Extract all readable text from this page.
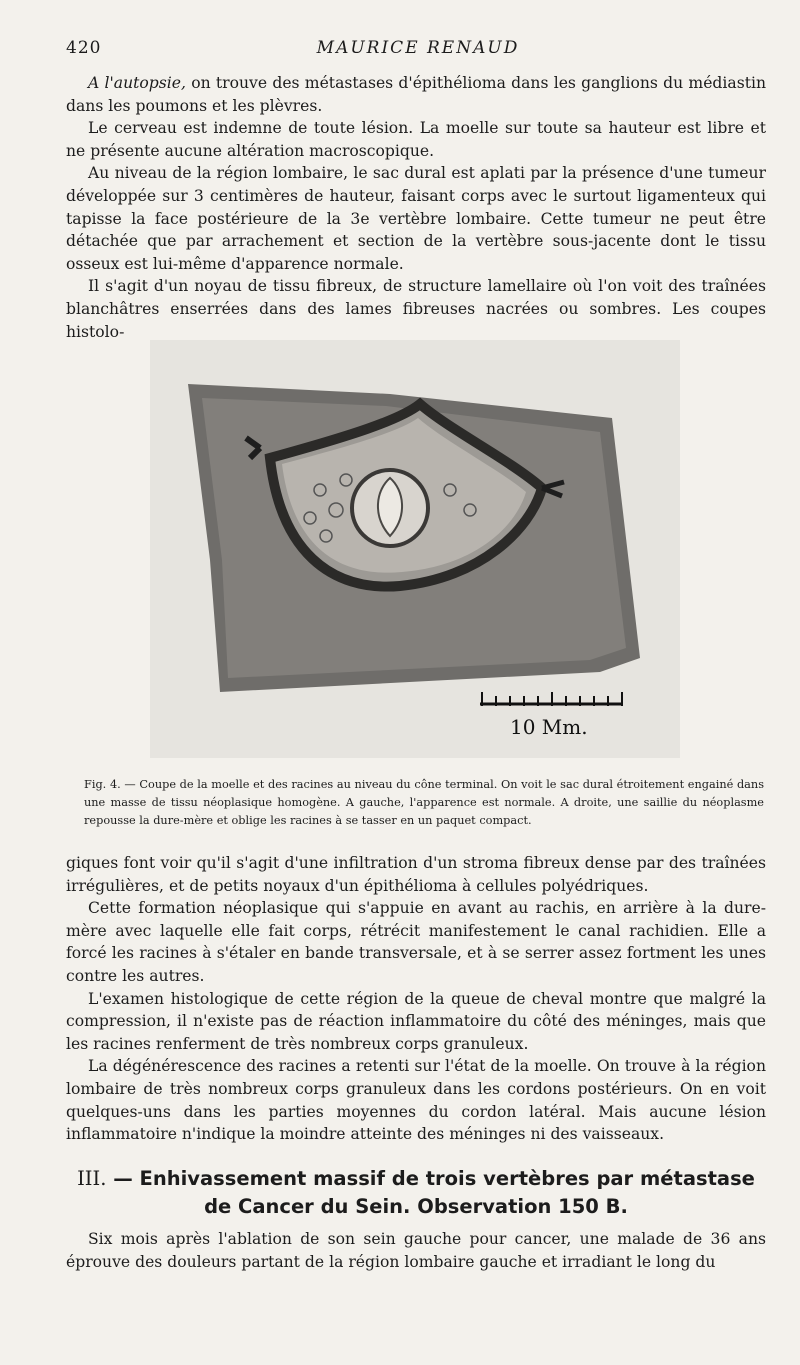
420	MAURICE RENAUD

A l'autopsie, on trouve des métastases d'épithélioma dans les ganglions du médiastin dans les poumons et les plèvres.

Le cerveau est indemne de toute lésion. La moelle sur toute sa hauteur est libre et ne présente aucune altération macroscopique.

Au niveau de la région lombaire, le sac dural est aplati par la présence d'une tumeur développée sur 3 centimères de hauteur, faisant corps avec le surtout ligamenteux qui tapisse la face postérieure de la 3e vertèbre lombaire. Cette tumeur ne peut être détachée que par arrachement et section de la vertèbre sous-jacente dont le tissu osseux est lui-même d'apparence normale.

Il s'agit d'un noyau de tissu fibreux, de structure lamellaire où l'on voit des traînées blanchâtres enserrées dans des lames fibreuses nacrées ou sombres. Les coupes histolo-

10 Mm.
Fig. 4. — Coupe de la moelle et des racines au niveau du cône terminal. On voit le sac dural étroitement engainé dans une masse de tissu néoplasique homogène. A gauche, l'apparence est normale. A droite, une saillie du néoplasme repousse la dure-mère et oblige les racines à se tasser en un paquet compact.

giques font voir qu'il s'agit d'une infiltration d'un stroma fibreux dense par des traînées irrégulières, et de petits noyaux d'un épithélioma à cellules polyédriques.

Cette formation néoplasique qui s'appuie en avant au rachis, en arrière à la dure-mère avec laquelle elle fait corps, rétrécit manifestement le canal rachidien. Elle a forcé les racines à s'étaler en bande transversale, et à se serrer assez fortment les unes contre les autres.

L'examen histologique de cette région de la queue de cheval montre que malgré la compression, il n'existe pas de réaction inflammatoire du côté des méninges, mais que les racines renferment de très nombreux corps granuleux.

La dégénérescence des racines a retenti sur l'état de la moelle. On trouve à la région lombaire de très nombreux corps granuleux dans les cordons postérieurs. On en voit quelques-uns dans les parties moyennes du cordon latéral. Mais aucune lésion inflammatoire n'indique la moindre atteinte des méninges ni des vaisseaux.

III. — Enhivassement massif de trois vertèbres par métastase
de Cancer du Sein. Observation 150 B.

Six mois après l'ablation de son sein gauche pour cancer, une malade de 36 ans éprouve des douleurs partant de la région lombaire gauche et irradiant le long du
